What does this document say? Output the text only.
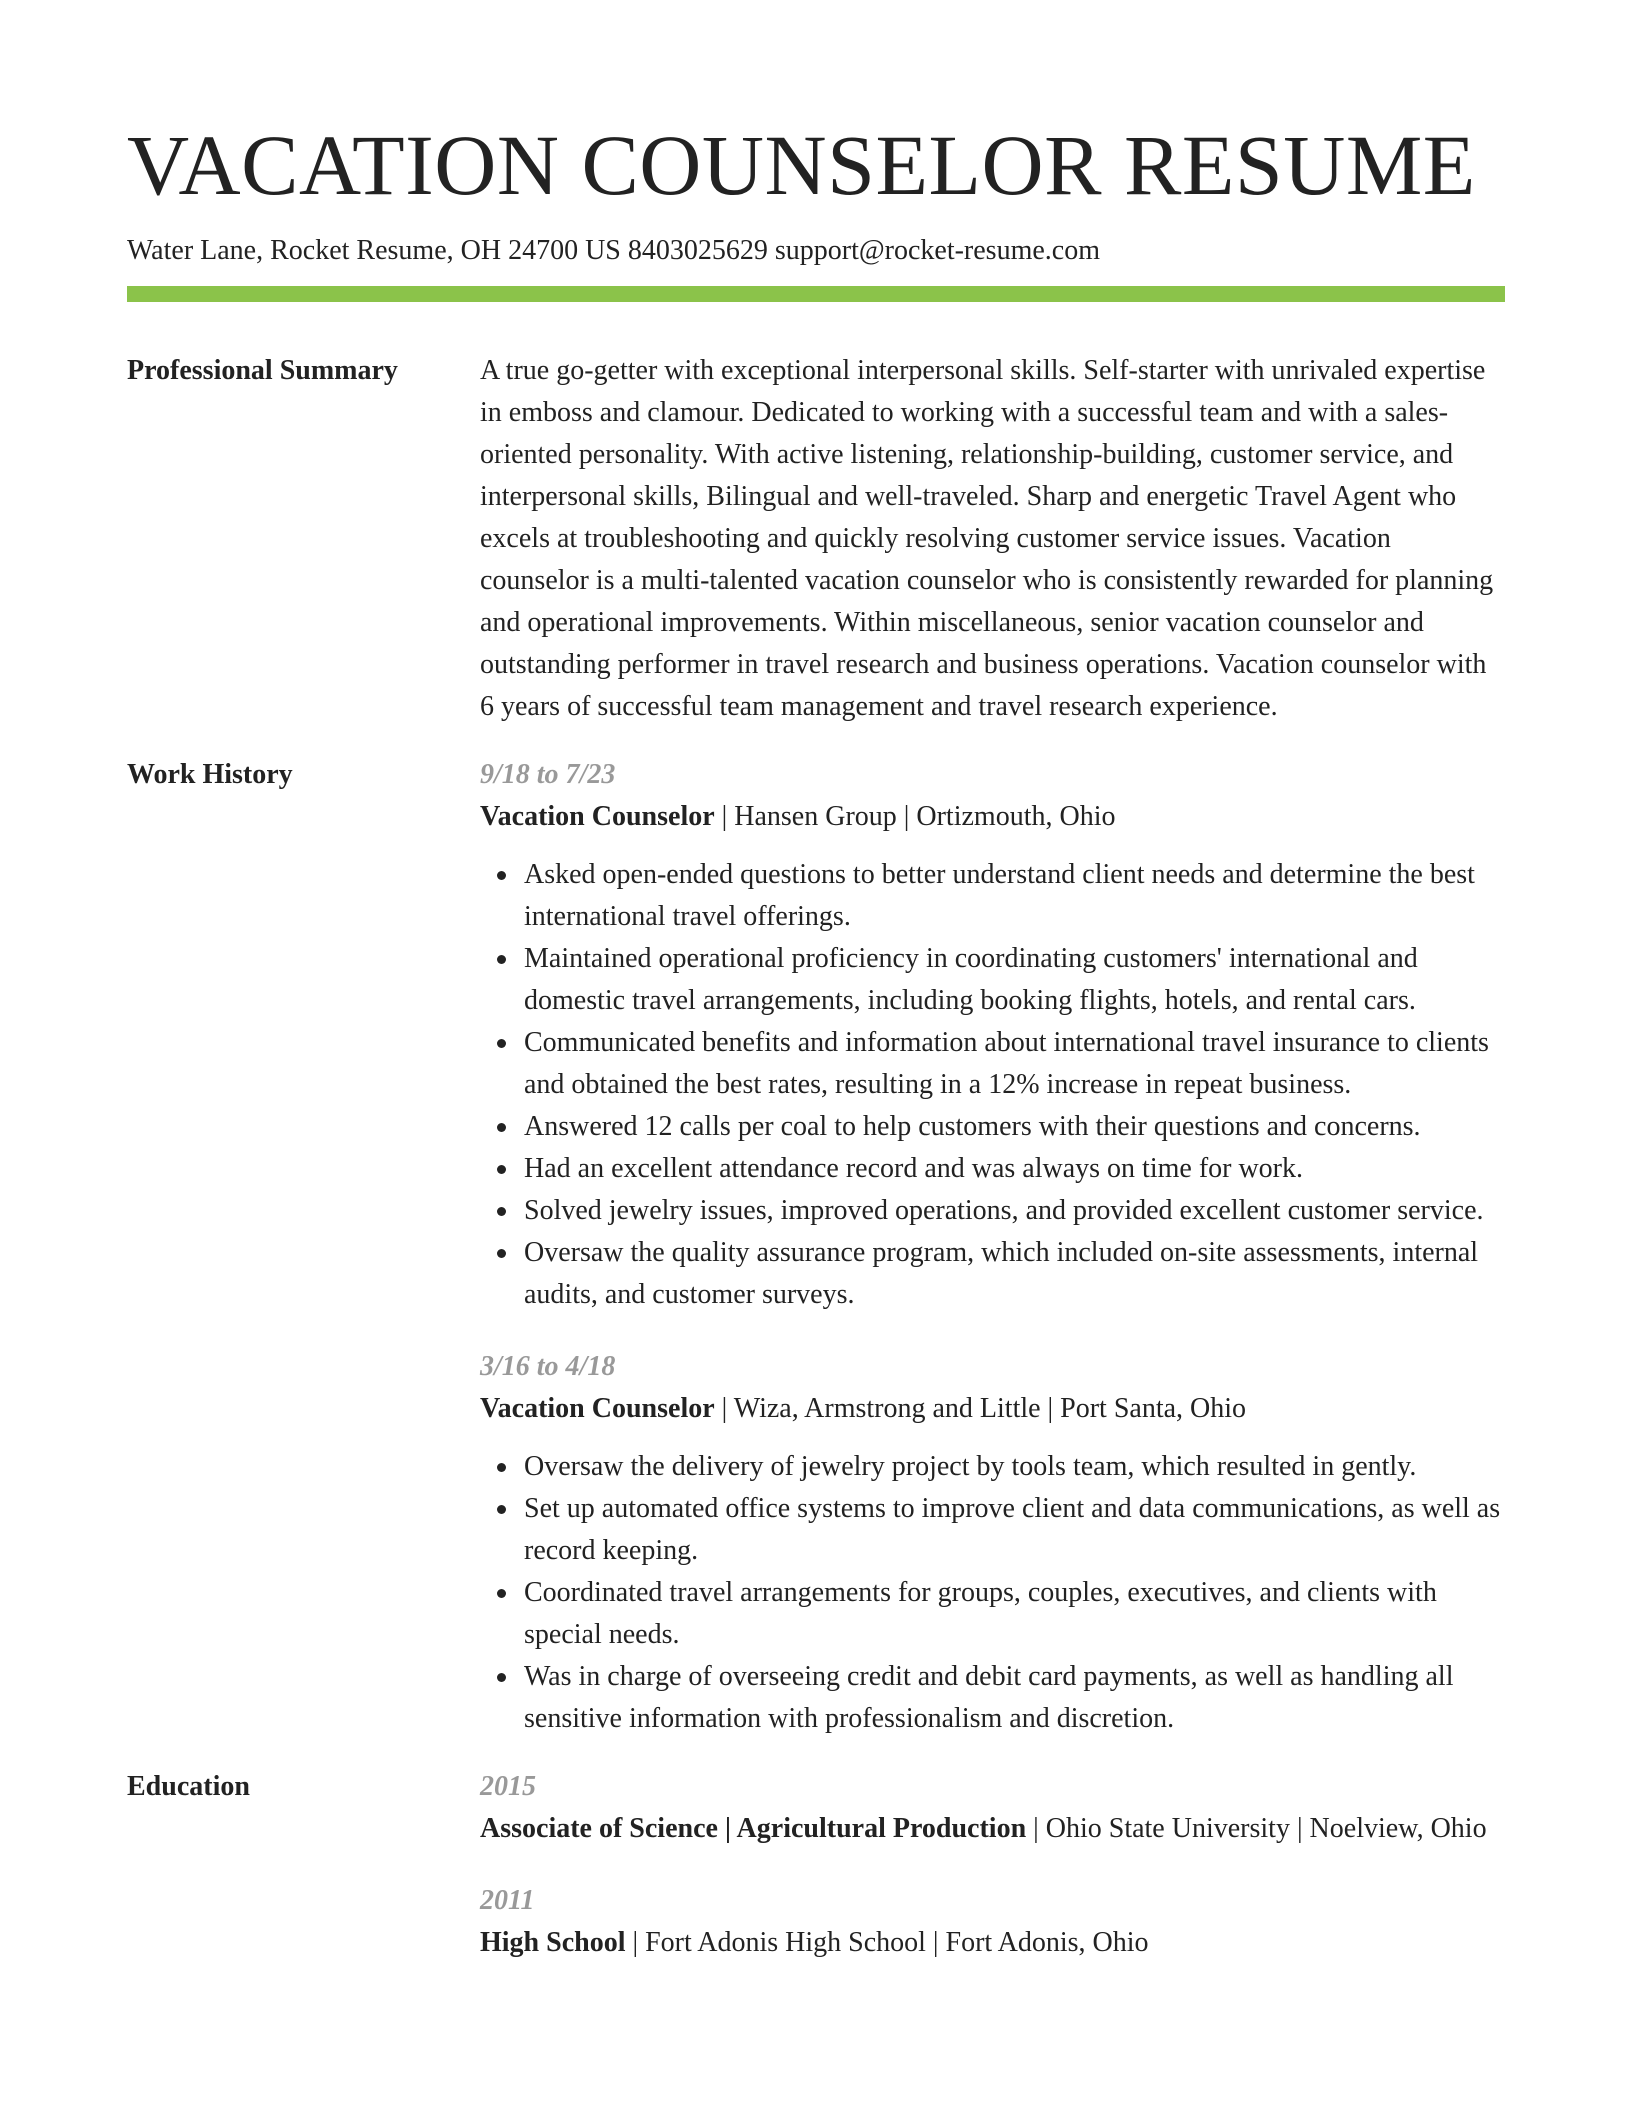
VACATION COUNSELOR RESUME
Water Lane, Rocket Resume, OH 24700 US 8403025629 support@rocket-resume.com
Professional Summary	A true go-getter with exceptional interpersonal skills. Self-starter with unrivaled expertise in emboss and clamour. Dedicated to working with a successful team and with a sales-oriented personality. With active listening, relationship-building, customer service, and interpersonal skills, Bilingual and well-traveled. Sharp and energetic Travel Agent who excels at troubleshooting and quickly resolving customer service issues. Vacation counselor is a multi-talented vacation counselor who is consistently rewarded for planning and operational improvements. Within miscellaneous, senior vacation counselor and outstanding performer in travel research and business operations. Vacation counselor with 6 years of successful team management and travel research experience.

Work History	9/18 to 7/23
Vacation Counselor | Hansen Group | Ortizmouth, Ohio
Asked open-ended questions to better understand client needs and determine the best international travel offerings.
Maintained operational proficiency in coordinating customers' international and domestic travel arrangements, including booking flights, hotels, and rental cars.
Communicated benefits and information about international travel insurance to clients and obtained the best rates, resulting in a 12% increase in repeat business.
Answered 12 calls per coal to help customers with their questions and concerns.
Had an excellent attendance record and was always on time for work.
Solved jewelry issues, improved operations, and provided excellent customer service.
Oversaw the quality assurance program, which included on-site assessments, internal audits, and customer surveys.
3/16 to 4/18
Vacation Counselor | Wiza, Armstrong and Little | Port Santa, Ohio
Oversaw the delivery of jewelry project by tools team, which resulted in gently.
Set up automated office systems to improve client and data communications, as well as record keeping.
Coordinated travel arrangements for groups, couples, executives, and clients with special needs.
Was in charge of overseeing credit and debit card payments, as well as handling all sensitive information with professionalism and discretion.
Education	2015
Associate of Science | Agricultural Production | Ohio State University | Noelview, Ohio
2011
High School | Fort Adonis High School | Fort Adonis, Ohio
